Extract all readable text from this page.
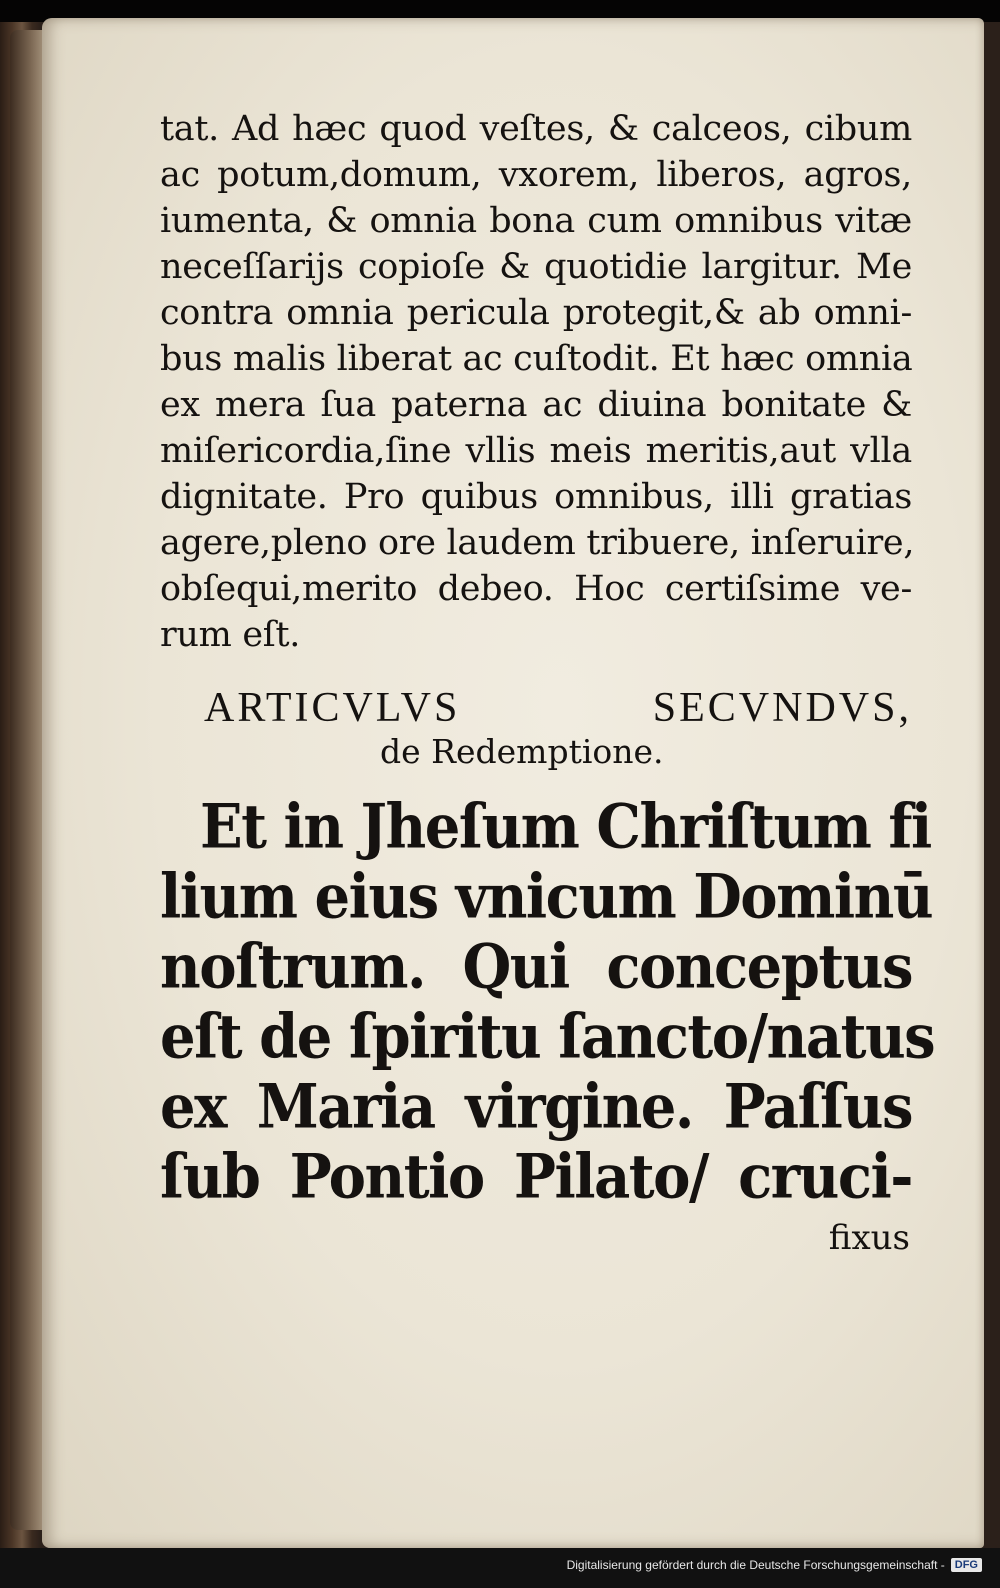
tat. Ad hæc quod veſtes, & calceos, cibum
ac potum,domum, vxorem, liberos, agros,
iumenta, & omnia bona cum omnibus vitæ
neceſſarijs copioſe & quotidie largitur. Me
contra omnia pericula protegit,& ab omni-
bus malis liberat ac cuſtodit. Et hæc omnia
ex mera ſua paterna ac diuina bonitate &
miſericordia,ſine vllis meis meritis,aut vlla
dignitate. Pro quibus omnibus, illi gratias
agere,pleno ore laudem tribuere, inſeruire,
obſequi,merito debeo. Hoc certiſsime ve-
rum eſt.
ARTICVLVS SECVNDVS,
de Redemptione.
Et in Jheſum Chriſtum fi
lium eius vnicum Dominū
noſtrum. Qui conceptus
eſt de ſpiritu ſancto/natus
ex Maria virgine. Paſſus
ſub Pontio Pilato/ cruci-
fixus
Digitalisierung gefördert durch die Deutsche Forschungsgemeinschaft - DFG
